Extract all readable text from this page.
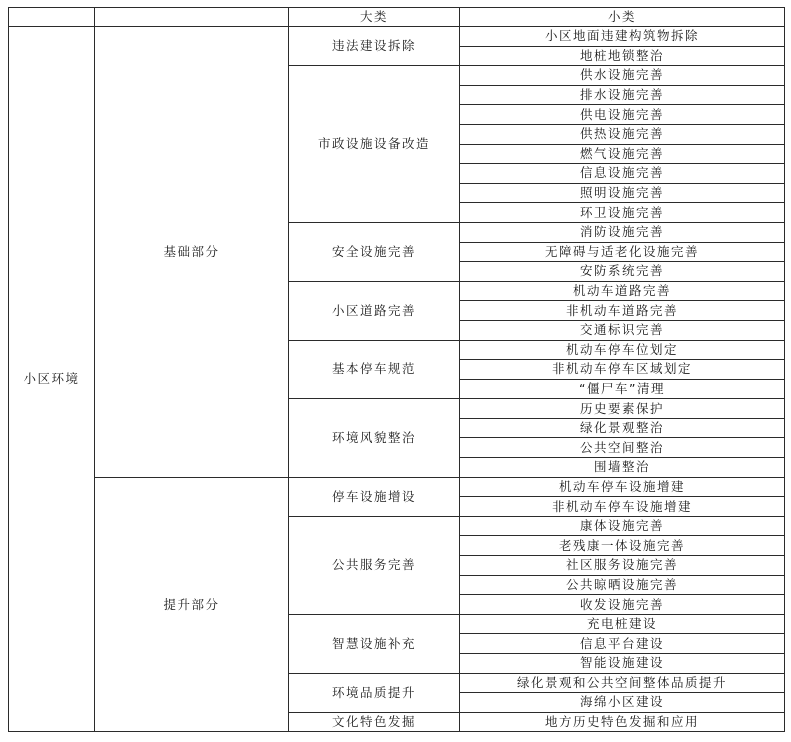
		大类	小类
小区环境	基础部分	违法建设拆除	小区地面违建构筑物拆除
			地桩地锁整治
		市政设施设备改造	供水设施完善
			排水设施完善
			供电设施完善
			供热设施完善
			燃气设施完善
			信息设施完善
			照明设施完善
			环卫设施完善
		安全设施完善	消防设施完善
			无障碍与适老化设施完善
			安防系统完善
		小区道路完善	机动车道路完善
			非机动车道路完善
			交通标识完善
		基本停车规范	机动车停车位划定
			非机动车停车区域划定
			“僵尸车”清理
		环境风貌整治	历史要素保护
			绿化景观整治
			公共空间整治
			围墙整治
	提升部分	停车设施增设	机动车停车设施增建
			非机动车停车设施增建
		公共服务完善	康体设施完善
			老残康一体设施完善
			社区服务设施完善
			公共晾晒设施完善
			收发设施完善
		智慧设施补充	充电桩建设
			信息平台建设
			智能设施建设
		环境品质提升	绿化景观和公共空间整体品质提升
			海绵小区建设
		文化特色发掘	地方历史特色发掘和应用
